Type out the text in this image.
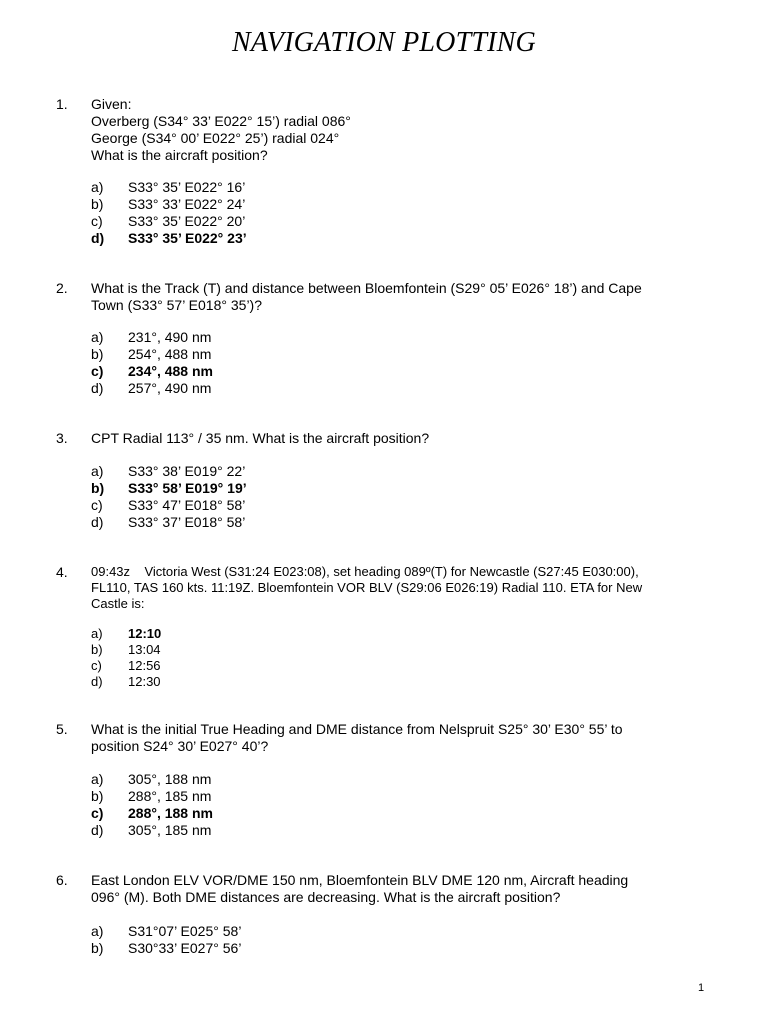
NAVIGATION PLOTTING
1. Given:
Overberg (S34° 33’ E022° 15’) radial 086°
George (S34° 00’ E022° 25’) radial 024°
What is the aircraft position?
a) S33° 35’ E022° 16’
b) S33° 33’ E022° 24’
c) S33° 35’ E022° 20’
d) S33° 35’ E022° 23’
2. What is the Track (T) and distance between Bloemfontein (S29° 05’ E026° 18’) and Cape
Town (S33° 57’ E018° 35’)?
a) 231°, 490 nm
b) 254°, 488 nm
c) 234°, 488 nm
d) 257°, 490 nm
3. CPT Radial 113° / 35 nm. What is the aircraft position?
a) S33° 38’ E019° 22’
b) S33° 58’ E019° 19’
c) S33° 47’ E018° 58’
d) S33° 37’ E018° 58’
4. 09:43z    Victoria West (S31:24 E023:08), set heading 089º(T) for Newcastle (S27:45 E030:00),
FL110, TAS 160 kts. 11:19Z. Bloemfontein VOR BLV (S29:06 E026:19) Radial 110. ETA for New
Castle is:
a) 12:10
b) 13:04
c) 12:56
d) 12:30
5. What is the initial True Heading and DME distance from Nelspruit S25° 30’ E30° 55’ to
position S24° 30’ E027° 40’?
a) 305°, 188 nm
b) 288°, 185 nm
c) 288°, 188 nm
d) 305°, 185 nm
6. East London ELV VOR/DME 150 nm, Bloemfontein BLV DME 120 nm, Aircraft heading
096° (M). Both DME distances are decreasing. What is the aircraft position?
a) S31°07’ E025° 58’
b) S30°33’ E027° 56’
1
